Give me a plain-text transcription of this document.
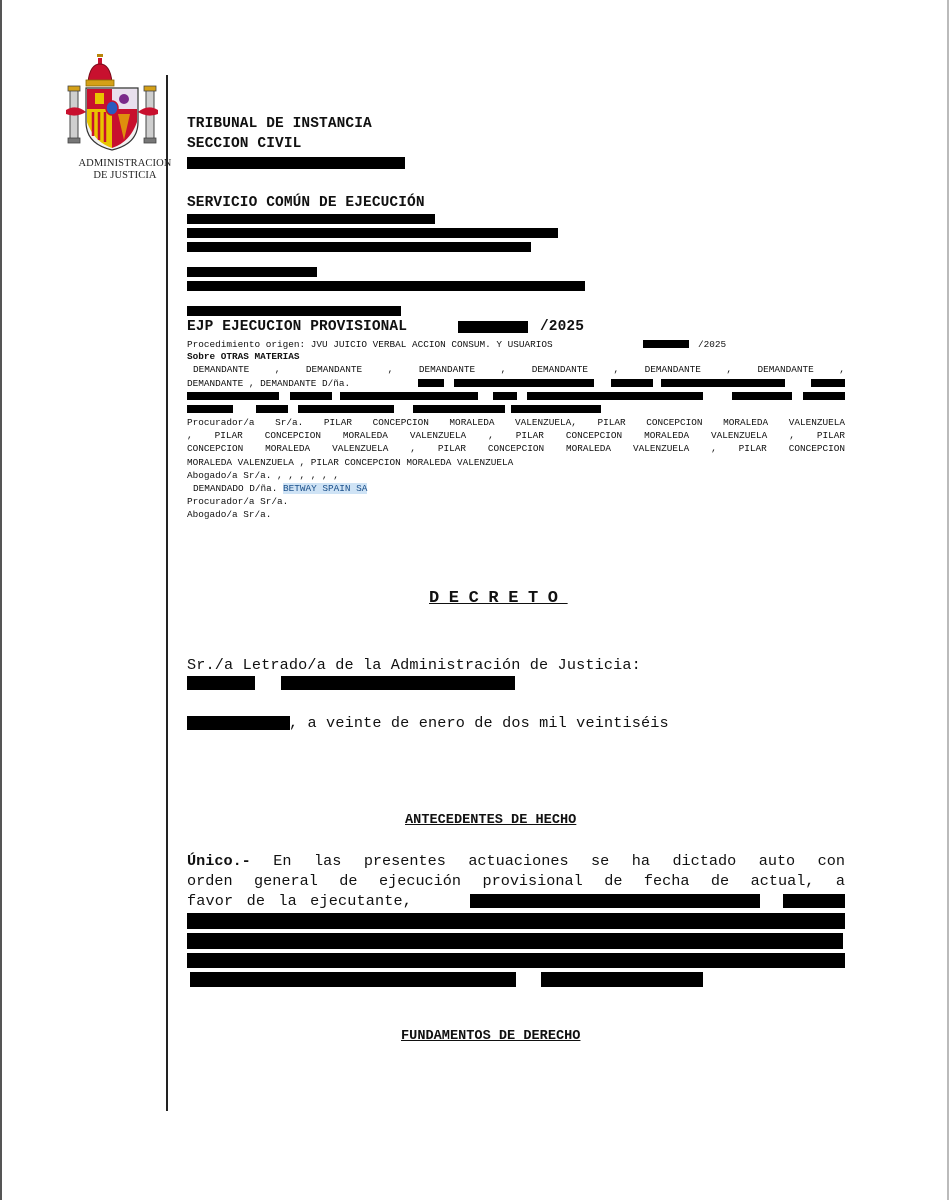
ADMINISTRACION
DE JUSTICIA
TRIBUNAL DE INSTANCIA
SECCION CIVIL
SERVICIO COMÚN DE EJECUCIÓN
EJP EJECUCION PROVISIONAL	/2025
Procedimiento origen: JVU JUICIO VERBAL ACCION CONSUM. Y USUARIOS	/2025
Sobre OTRAS MATERIAS
DEMANDANTE	,	DEMANDANTE	,	DEMANDANTE	,	DEMANDANTE	,	DEMANDANTE	,	DEMANDANTE	,
DEMANDANTE , DEMANDANTE D/ña.
Procurador/a Sr/a. PILAR CONCEPCION MORALEDA VALENZUELA, PILAR CONCEPCION MORALEDA VALENZUELA
, PILAR CONCEPCION MORALEDA VALENZUELA , PILAR CONCEPCION MORALEDA VALENZUELA , PILAR
CONCEPCION MORALEDA VALENZUELA , PILAR CONCEPCION MORALEDA VALENZUELA , PILAR CONCEPCION
MORALEDA VALENZUELA , PILAR CONCEPCION MORALEDA VALENZUELA
Abogado/a Sr/a. , , , , , ,
DEMANDADO D/ña. BETWAY SPAIN SA
Procurador/a Sr/a.
Abogado/a Sr/a.
DECRETO
Sr./a Letrado/a de la Administración de Justicia:
, a veinte de enero de dos mil veintiséis
ANTECEDENTES DE HECHO
Único.- En las presentes actuaciones se ha dictado auto con
orden general de ejecución provisional de fecha de actual, a
favor de la ejecutante,
FUNDAMENTOS DE DERECHO
